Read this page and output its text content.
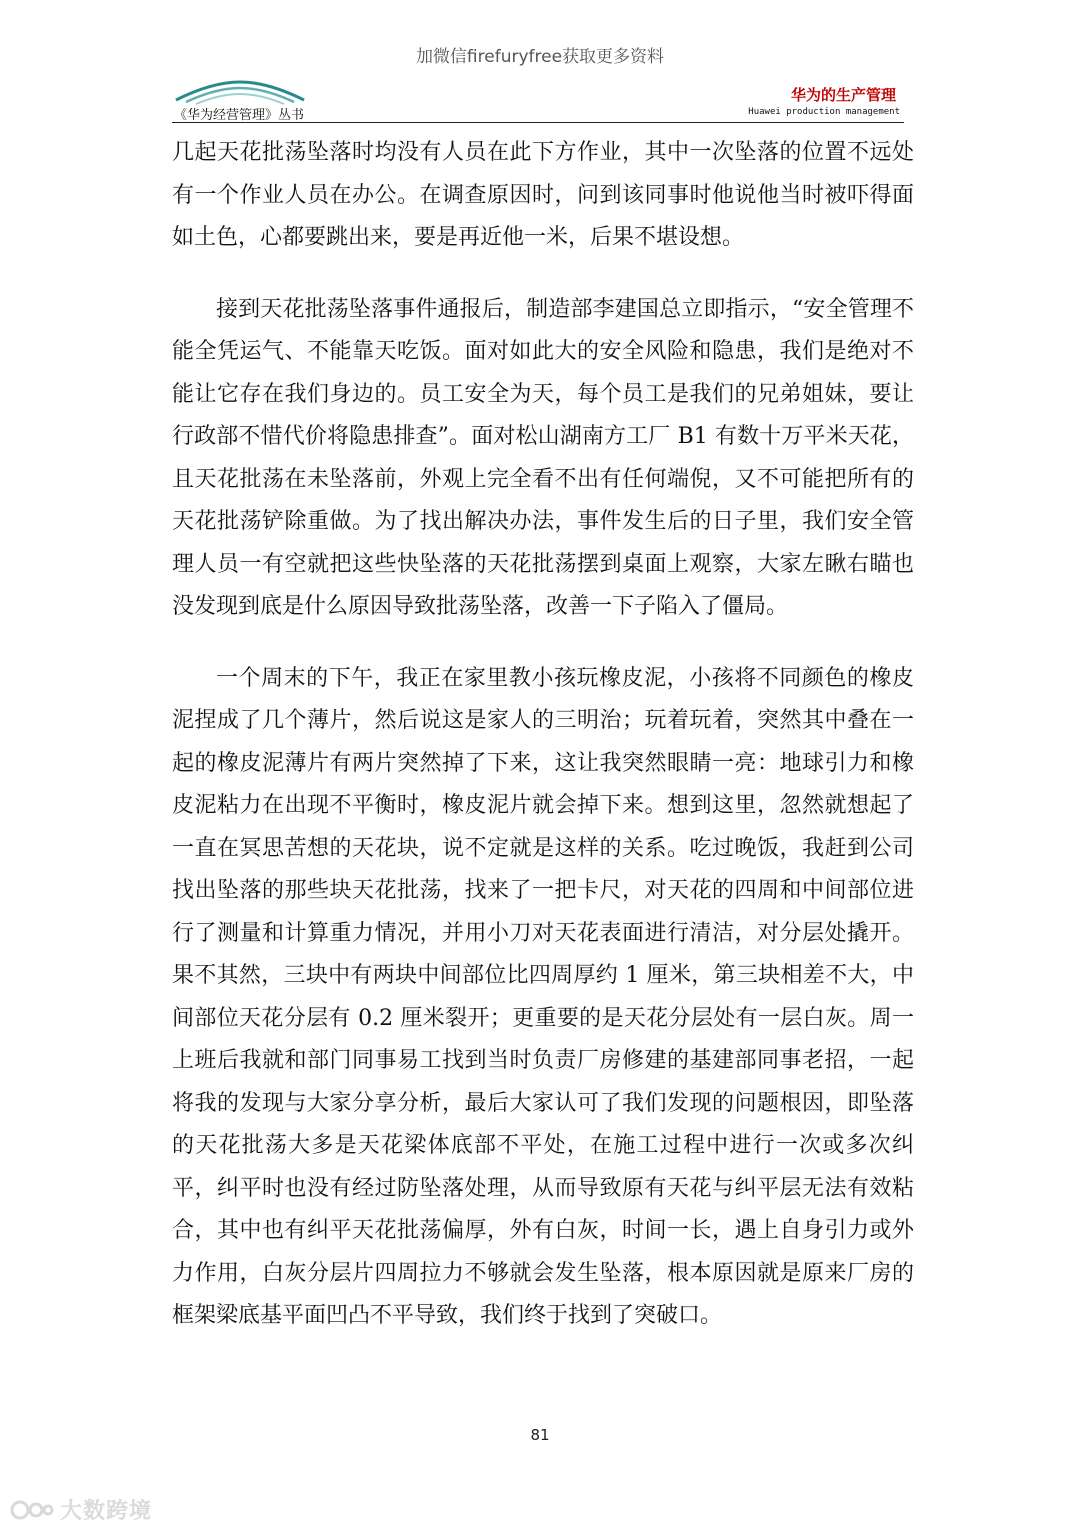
加微信firefuryfree获取更多资料
《华为经营管理》丛书
华为的生产管理
Huawei production management

几起天花批荡坠落时均没有人员在此下方作业，其中一次坠落的位置不远处有一个作业人员在办公。在调查原因时，问到该同事时他说他当时被吓得面如土色，心都要跳出来，要是再近他一米，后果不堪设想。

接到天花批荡坠落事件通报后，制造部李建国总立即指示，“安全管理不能全凭运气、不能靠天吃饭。面对如此大的安全风险和隐患，我们是绝对不能让它存在我们身边的。员工安全为天，每个员工是我们的兄弟姐妹，要让行政部不惜代价将隐患排查”。面对松山湖南方工厂 B1 有数十万平米天花，且天花批荡在未坠落前，外观上完全看不出有任何端倪，又不可能把所有的天花批荡铲除重做。为了找出解决办法，事件发生后的日子里，我们安全管理人员一有空就把这些快坠落的天花批荡摆到桌面上观察，大家左瞅右瞄也没发现到底是什么原因导致批荡坠落，改善一下子陷入了僵局。

一个周末的下午，我正在家里教小孩玩橡皮泥，小孩将不同颜色的橡皮泥捏成了几个薄片，然后说这是家人的三明治；玩着玩着，突然其中叠在一起的橡皮泥薄片有两片突然掉了下来，这让我突然眼睛一亮：地球引力和橡皮泥粘力在出现不平衡时，橡皮泥片就会掉下来。想到这里，忽然就想起了一直在冥思苦想的天花块，说不定就是这样的关系。吃过晚饭，我赶到公司找出坠落的那些块天花批荡，找来了一把卡尺，对天花的四周和中间部位进行了测量和计算重力情况，并用小刀对天花表面进行清洁，对分层处撬开。果不其然，三块中有两块中间部位比四周厚约 1 厘米，第三块相差不大，中间部位天花分层有 0.2 厘米裂开；更重要的是天花分层处有一层白灰。周一上班后我就和部门同事易工找到当时负责厂房修建的基建部同事老招，一起将我的发现与大家分享分析，最后大家认可了我们发现的问题根因，即坠落的天花批荡大多是天花梁体底部不平处，在施工过程中进行一次或多次纠平，纠平时也没有经过防坠落处理，从而导致原有天花与纠平层无法有效粘合，其中也有纠平天花批荡偏厚，外有白灰，时间一长，遇上自身引力或外力作用，白灰分层片四周拉力不够就会发生坠落，根本原因就是原来厂房的框架梁底基平面凹凸不平导致，我们终于找到了突破口。

81
大数跨境
